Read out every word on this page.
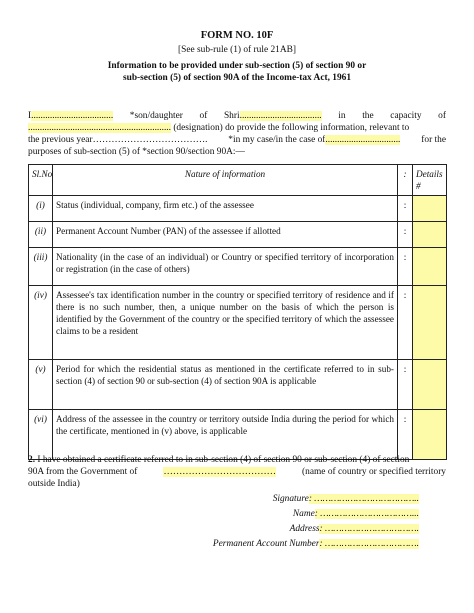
FORM NO. 10F
[See sub-rule (1) of rule 21AB]
Information to be provided under sub-section (5) of section 90 or
sub-section (5) of section 90A of the Income-tax Act, 1961
I................................... *son/daughter of Shri................................... in the capacity of
............................................................. (designation) do provide the following information, relevant to
the previous year………………………………. *in my case/in the case of................................ for the
purposes of sub-section (5) of *section 90/section 90A:—
Sl.No	Nature of information	:	Details #
(i)	Status (individual, company, firm etc.) of the assessee	:	
(ii)	Permanent Account Number (PAN) of the assessee if allotted	:	
(iii)	Nationality (in the case of an individual) or Country or specified territory of incorporation or registration (in the case of others)	:	
(iv)	Assessee's tax identification number in the country or specified territory of residence and if there is no such number, then, a unique number on the basis of which the person is identified by the Government of the country or the specified territory of which the assessee claims to be a resident	:	
(v)	Period for which the residential status as mentioned in the certificate referred to in sub-section (4) of section 90 or sub-section (4) of section 90A is applicable	:	
(vi)	Address of the assessee in the country or territory outside India during the period for which the certificate, mentioned in (v) above, is applicable	:	
2. I have obtained a certificate referred to in sub-section (4) of section 90 or sub-section (4) of section
90A from the Government of	………………………………	(name of country or specified territory
outside India)
Signature: ………………………………..
Name: ……………………………...
Address: …………………………….
Permanent Account Number: …………………………….
